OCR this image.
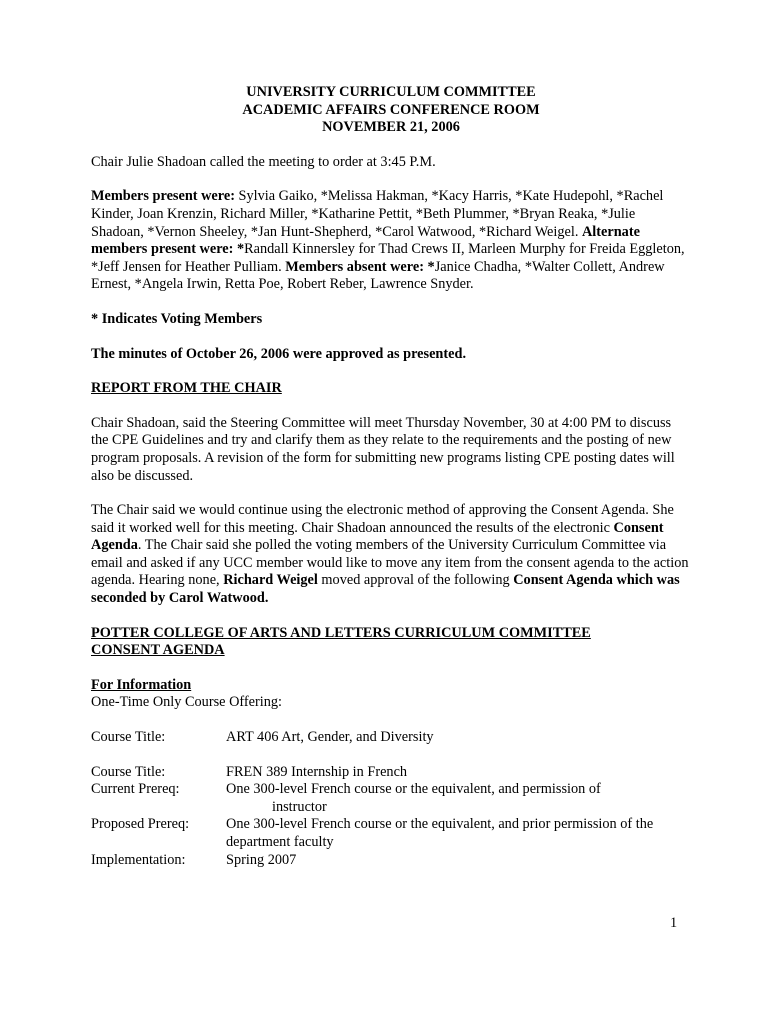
UNIVERSITY CURRICULUM COMMITTEE
ACADEMIC AFFAIRS CONFERENCE ROOM
NOVEMBER 21, 2006

Chair Julie Shadoan called the meeting to order at 3:45 P.M.

Members present were: Sylvia Gaiko, *Melissa Hakman, *Kacy Harris, *Kate Hudepohl, *Rachel Kinder, Joan Krenzin, Richard Miller, *Katharine Pettit, *Beth Plummer, *Bryan Reaka, *Julie Shadoan, *Vernon Sheeley, *Jan Hunt-Shepherd, *Carol Watwood, *Richard Weigel. Alternate members present were: *Randall Kinnersley for Thad Crews II, Marleen Murphy for Freida Eggleton, *Jeff Jensen for Heather Pulliam. Members absent were: *Janice Chadha, *Walter Collett, Andrew Ernest, *Angela Irwin, Retta Poe, Robert Reber, Lawrence Snyder.

* Indicates Voting Members

The minutes of October 26, 2006 were approved as presented.

REPORT FROM THE CHAIR

Chair Shadoan, said the Steering Committee will meet Thursday November, 30 at 4:00 PM to discuss the CPE Guidelines and try and clarify them as they relate to the requirements and the posting of new program proposals. A revision of the form for submitting new programs listing CPE posting dates will also be discussed.

The Chair said we would continue using the electronic method of approving the Consent Agenda. She said it worked well for this meeting. Chair Shadoan announced the results of the electronic Consent Agenda. The Chair said she polled the voting members of the University Curriculum Committee via email and asked if any UCC member would like to move any item from the consent agenda to the action agenda. Hearing none, Richard Weigel moved approval of the following Consent Agenda which was seconded by Carol Watwood.

POTTER COLLEGE OF ARTS AND LETTERS CURRICULUM COMMITTEE
CONSENT AGENDA
For Information

One-Time Only Course Offering:

Course Title:	ART 406 Art, Gender, and Diversity
Course Title:	FREN 389 Internship in French
Current Prereq:	One 300-level French course or the equivalent, and permission of
instructor

Proposed Prereq:	One 300-level French course or the equivalent, and prior permission of the department faculty
Implementation:	Spring 2007
1
